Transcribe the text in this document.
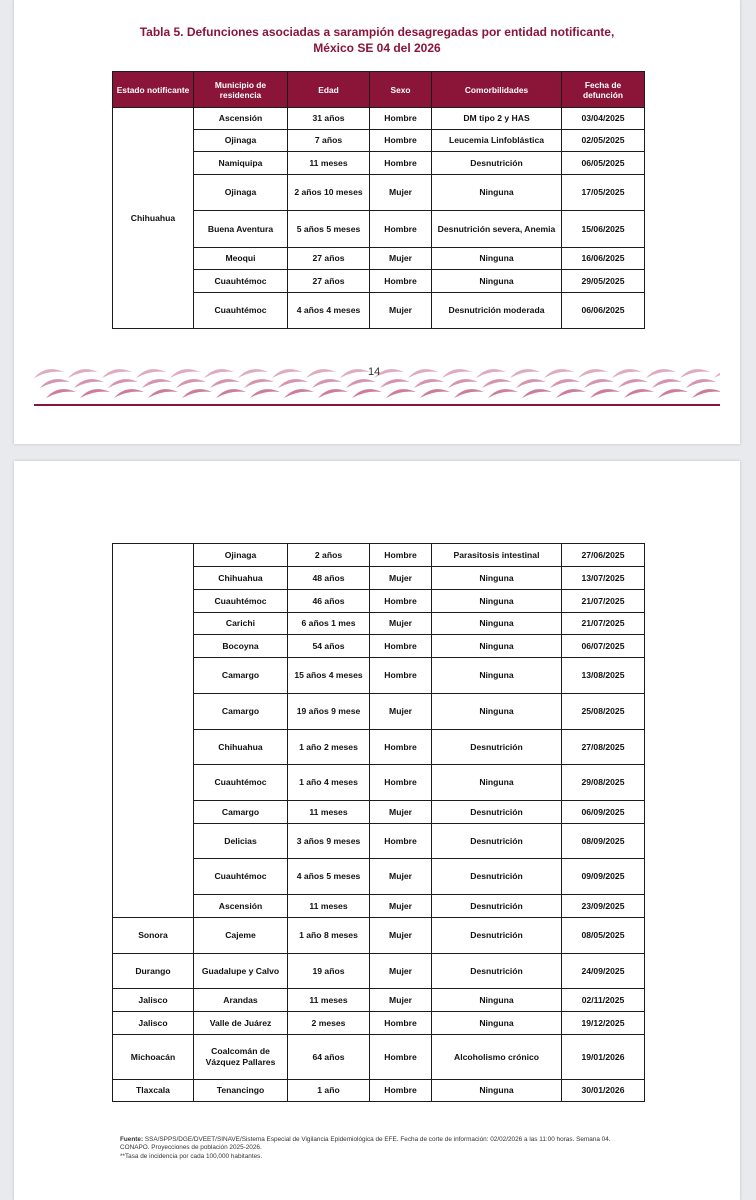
Tabla 5. Defunciones asociadas a sarampión desagregadas por entidad notificante,
México SE 04 del 2026
Estado notificante	Municipio de residencia	Edad	Sexo	Comorbilidades	Fecha de defunción
Chihuahua	Ascensión	31 años	Hombre	DM tipo 2 y HAS	03/04/2025
	Ojinaga	7 años	Hombre	Leucemia Linfoblástica	02/05/2025
	Namiquipa	11 meses	Hombre	Desnutrición	06/05/2025
	Ojinaga	2 años 10 meses	Mujer	Ninguna	17/05/2025
	Buena Aventura	5 años 5 meses	Hombre	Desnutrición severa, Anemia	15/06/2025
	Meoqui	27 años	Mujer	Ninguna	16/06/2025
	Cuauhtémoc	27 años	Hombre	Ninguna	29/05/2025
	Cuauhtémoc	4 años 4 meses	Mujer	Desnutrición moderada	06/06/2025
14
	Ojinaga	2 años	Hombre	Parasitosis intestinal	27/06/2025
	Chihuahua	48 años	Mujer	Ninguna	13/07/2025
	Cuauhtémoc	46 años	Hombre	Ninguna	21/07/2025
	Carichi	6 años 1 mes	Mujer	Ninguna	21/07/2025
	Bocoyna	54 años	Hombre	Ninguna	06/07/2025
	Camargo	15 años 4 meses	Hombre	Ninguna	13/08/2025
	Camargo	19 años 9 mese	Mujer	Ninguna	25/08/2025
	Chihuahua	1 año 2 meses	Hombre	Desnutrición	27/08/2025
	Cuauhtémoc	1 año 4 meses	Hombre	Ninguna	29/08/2025
	Camargo	11 meses	Mujer	Desnutrición	06/09/2025
	Delicias	3 años 9 meses	Hombre	Desnutrición	08/09/2025
	Cuauhtémoc	4 años 5 meses	Mujer	Desnutrición	09/09/2025
	Ascensión	11 meses	Mujer	Desnutrición	23/09/2025
Sonora	Cajeme	1 año 8 meses	Mujer	Desnutrición	08/05/2025
Durango	Guadalupe y Calvo	19 años	Mujer	Desnutrición	24/09/2025
Jalisco	Arandas	11 meses	Mujer	Ninguna	02/11/2025
Jalisco	Valle de Juárez	2 meses	Hombre	Ninguna	19/12/2025
Michoacán	Coalcomán de Vázquez Pallares	64 años	Hombre	Alcoholismo crónico	19/01/2026
Tlaxcala	Tenancingo	1 año	Hombre	Ninguna	30/01/2026
Fuente: SSA/SPPS/DGE/DVEET/SINAVE/Sistema Especial de Vigilancia Epidemiológica de EFE. Fecha de corte de información: 02/02/2026 a las 11:00 horas. Semana 04. CONAPO. Proyecciones de población 2025-2026.
**Tasa de incidencia por cada 100,000 habitantes.
